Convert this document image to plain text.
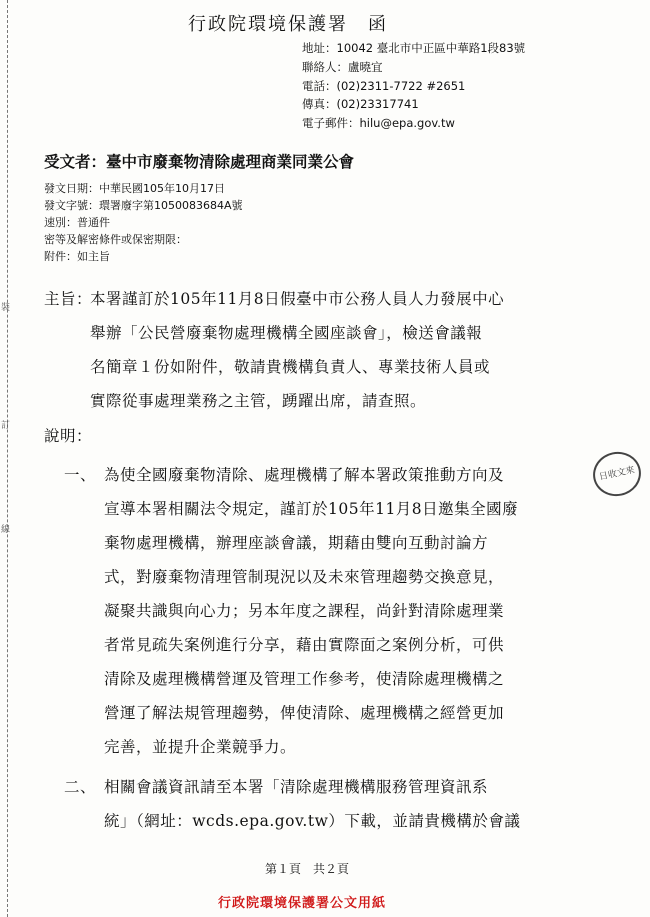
裝
訂
線
行政院環境保護署　函
地址：10042 臺北市中正區中華路1段83號
聯絡人：盧曉宜
電話：(02)2311-7722 #2651
傳真：(02)23317741
電子郵件：hilu@epa.gov.tw
受文者：臺中市廢棄物清除處理商業同業公會
發文日期：中華民國105年10月17日
發文字號：環署廢字第1050083684A號
速別：普通件
密等及解密條件或保密期限：
附件：如主旨
主旨：
本署謹訂於105年11月8日假臺中市公務人員人力發展中心
舉辦「公民營廢棄物處理機構全國座談會」，檢送會議報
名簡章１份如附件，敬請貴機構負責人、專業技術人員或
實際從事處理業務之主管，踴躍出席，請查照。
說明：
一、 為使全國廢棄物清除、處理機構了解本署政策推動方向及
宣導本署相關法令規定，謹訂於105年11月8日邀集全國廢
棄物處理機構，辦理座談會議，期藉由雙向互動討論方
式，對廢棄物清理管制現況以及未來管理趨勢交換意見，
凝聚共識與向心力；另本年度之課程，尚針對清除處理業
者常見疏失案例進行分享，藉由實際面之案例分析，可供
清除及處理機構營運及管理工作參考，使清除處理機構之
營運了解法規管理趨勢，俾使清除、處理機構之經營更加
完善，並提升企業競爭力。
二、 相關會議資訊請至本署「清除處理機構服務管理資訊系
統」（網址：wcds.epa.gov.tw）下載，並請貴機構於會議
日收文來
第１頁　共２頁
行政院環境保護署公文用紙
